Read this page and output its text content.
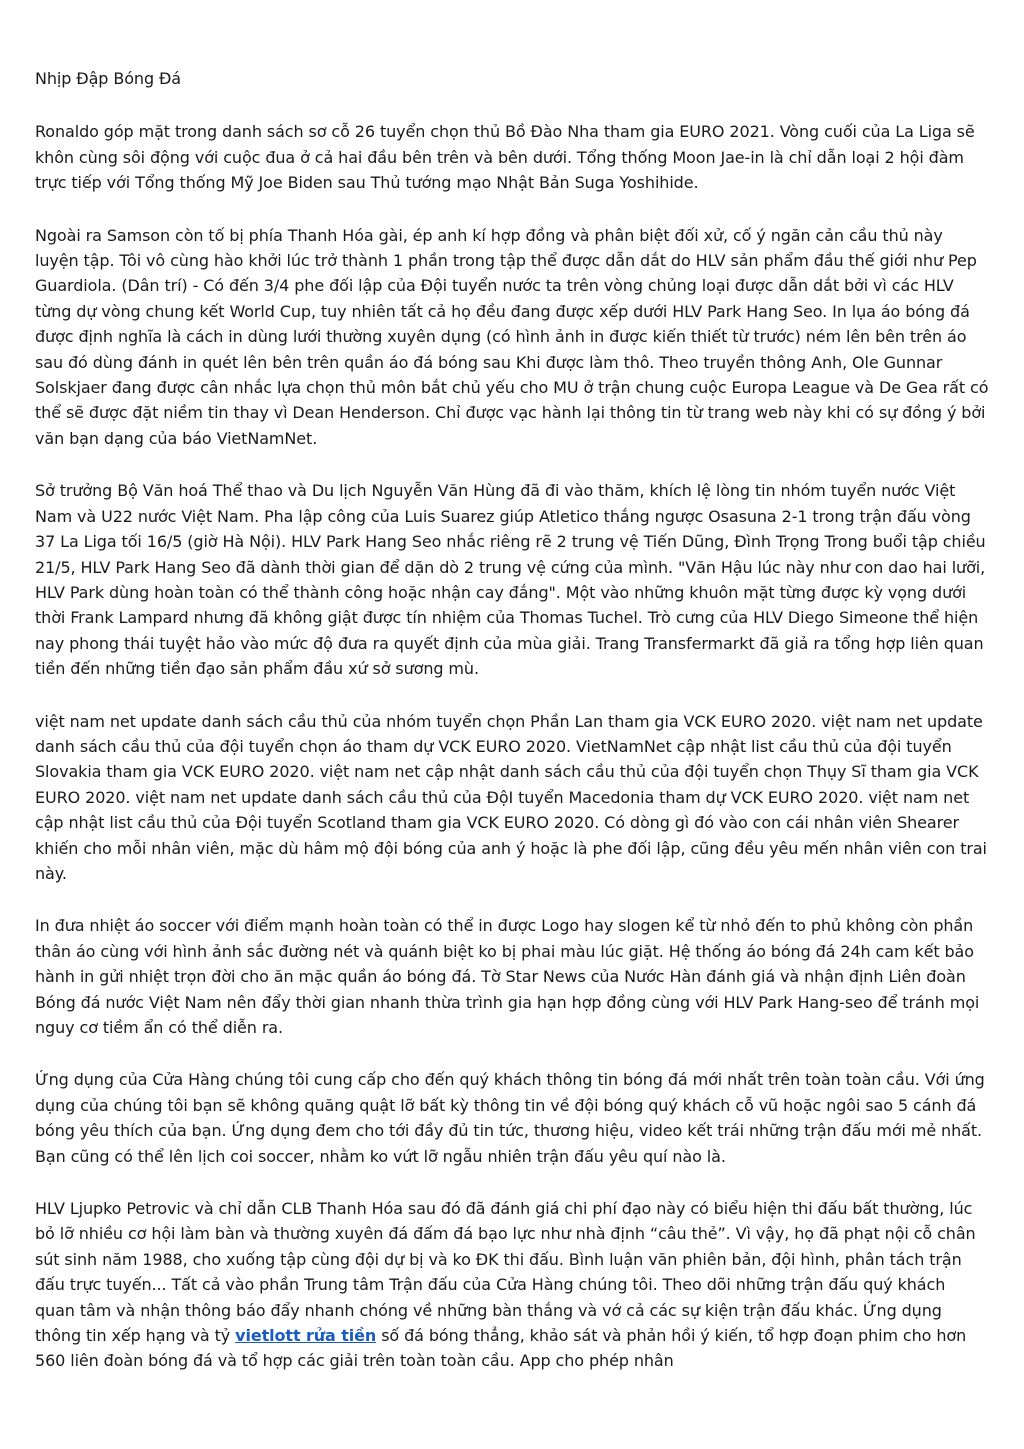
Nhịp Đập Bóng Đá

Ronaldo góp mặt trong danh sách sơ cỗ 26 tuyển chọn thủ Bồ Đào Nha tham gia EURO 2021. Vòng cuối của La Liga sẽ khôn cùng sôi động với cuộc đua ở cả hai đầu bên trên và bên dưới. Tổng thống Moon Jae-in là chỉ dẫn loại 2 hội đàm trực tiếp với Tổng thống Mỹ Joe Biden sau Thủ tướng mạo Nhật Bản Suga Yoshihide.

Ngoài ra Samson còn tố bị phía Thanh Hóa gài, ép anh kí hợp đồng và phân biệt đối xử, cố ý ngăn cản cầu thủ này luyện tập. Tôi vô cùng hào khởi lúc trở thành 1 phần trong tập thể được dẫn dắt do HLV sản phẩm đầu thế giới như Pep Guardiola. (Dân trí) - Có đến 3/4 phe đối lập của Đội tuyển nước ta trên vòng chủng loại được dẫn dắt bởi vì các HLV từng dự vòng chung kết World Cup, tuy nhiên tất cả họ đều đang được xếp dưới HLV Park Hang Seo. In lụa áo bóng đá được định nghĩa là cách in dùng lưới thường xuyên dụng (có hình ảnh in được kiến thiết từ trước) ném lên bên trên áo sau đó dùng đánh in quét lên bên trên quần áo đá bóng sau Khi được làm thô. Theo truyền thông Anh, Ole Gunnar Solskjaer đang được cân nhắc lựa chọn thủ môn bắt chủ yếu cho MU ở trận chung cuộc Europa League và De Gea rất có thể sẽ được đặt niềm tin thay vì Dean Henderson. Chỉ được vạc hành lại thông tin từ trang web này khi có sự đồng ý bởi văn bạn dạng của báo VietNamNet.

Sở trưởng Bộ Văn hoá Thể thao và Du lịch Nguyễn Văn Hùng đã đi vào thăm, khích lệ lòng tin nhóm tuyển nước Việt Nam và U22 nước Việt Nam. Pha lập công của Luis Suarez giúp Atletico thắng ngược Osasuna 2-1 trong trận đấu vòng 37 La Liga tối 16/5 (giờ Hà Nội). HLV Park Hang Seo nhắc riêng rẽ 2 trung vệ Tiến Dũng, Đình Trọng Trong buổi tập chiều 21/5, HLV Park Hang Seo đã dành thời gian để dặn dò 2 trung vệ cứng của mình. "Văn Hậu lúc này như con dao hai lưỡi, HLV Park dùng hoàn toàn có thể thành công hoặc nhận cay đắng". Một vào những khuôn mặt từng được kỳ vọng dưới thời Frank Lampard nhưng đã không giật được tín nhiệm của Thomas Tuchel. Trò cưng của HLV Diego Simeone thể hiện nay phong thái tuyệt hảo vào mức độ đưa ra quyết định của mùa giải. Trang Transfermarkt đã giả ra tổng hợp liên quan tiền đến những tiền đạo sản phẩm đầu xứ sở sương mù.

việt nam net update danh sách cầu thủ của nhóm tuyển chọn Phần Lan tham gia VCK EURO 2020. việt nam net update danh sách cầu thủ của đội tuyển chọn áo tham dự VCK EURO 2020. VietNamNet cập nhật list cầu thủ của đội tuyển Slovakia tham gia VCK EURO 2020. việt nam net cập nhật danh sách cầu thủ của đội tuyển chọn Thụy Sĩ tham gia VCK EURO 2020. việt nam net update danh sách cầu thủ của ĐộI tuyển Macedonia tham dự VCK EURO 2020. việt nam net cập nhật list cầu thủ của Đội tuyển Scotland tham gia VCK EURO 2020. Có dòng gì đó vào con cái nhân viên Shearer khiến cho mỗi nhân viên, mặc dù hâm mộ đội bóng của anh ý hoặc là phe đối lập, cũng đều yêu mến nhân viên con trai này.

In đưa nhiệt áo soccer với điểm mạnh hoàn toàn có thể in được Logo hay slogen kể từ nhỏ đến to phủ không còn phần thân áo cùng với hình ảnh sắc đường nét và quánh biệt ko bị phai màu lúc giặt. Hệ thống áo bóng đá 24h cam kết bảo hành in gửi nhiệt trọn đời cho ăn mặc quần áo bóng đá. Tờ Star News của Nước Hàn đánh giá và nhận định Liên đoàn Bóng đá nước Việt Nam nên đẩy thời gian nhanh thừa trình gia hạn hợp đồng cùng với HLV Park Hang-seo để tránh mọi nguy cơ tiềm ẩn có thể diễn ra.

Ứng dụng của Cửa Hàng chúng tôi cung cấp cho đến quý khách thông tin bóng đá mới nhất trên toàn toàn cầu. Với ứng dụng của chúng tôi bạn sẽ không quăng quật lỡ bất kỳ thông tin về đội bóng quý khách cỗ vũ hoặc ngôi sao 5 cánh đá bóng yêu thích của bạn. Ứng dụng đem cho tới đầy đủ tin tức, thương hiệu, video kết trái những trận đấu mới mẻ nhất. Bạn cũng có thể lên lịch coi soccer, nhằm ko vứt lỡ ngẫu nhiên trận đấu yêu quí nào là.

HLV Ljupko Petrovic và chỉ dẫn CLB Thanh Hóa sau đó đã đánh giá chi phí đạo này có biểu hiện thi đấu bất thường, lúc bỏ lỡ nhiều cơ hội làm bàn và thường xuyên đá đấm đá bạo lực như nhà định “câu thẻ”. Vì vậy, họ đã phạt nội cỗ chân sút sinh năm 1988, cho xuống tập cùng đội dự bị và ko ĐK thi đấu. Bình luận văn phiên bản, đội hình, phân tách trận đấu trực tuyến... Tất cả vào phần Trung tâm Trận đấu của Cửa Hàng chúng tôi. Theo dõi những trận đấu quý khách quan tâm và nhận thông báo đẩy nhanh chóng về những bàn thắng và vớ cả các sự kiện trận đấu khác. Ứng dụng thông tin xếp hạng và tỷ vietlott rửa tiền số đá bóng thẳng, khảo sát và phản hồi ý kiến, tổ hợp đoạn phim cho hơn 560 liên đoàn bóng đá và tổ hợp các giải trên toàn toàn cầu. App cho phép nhân
